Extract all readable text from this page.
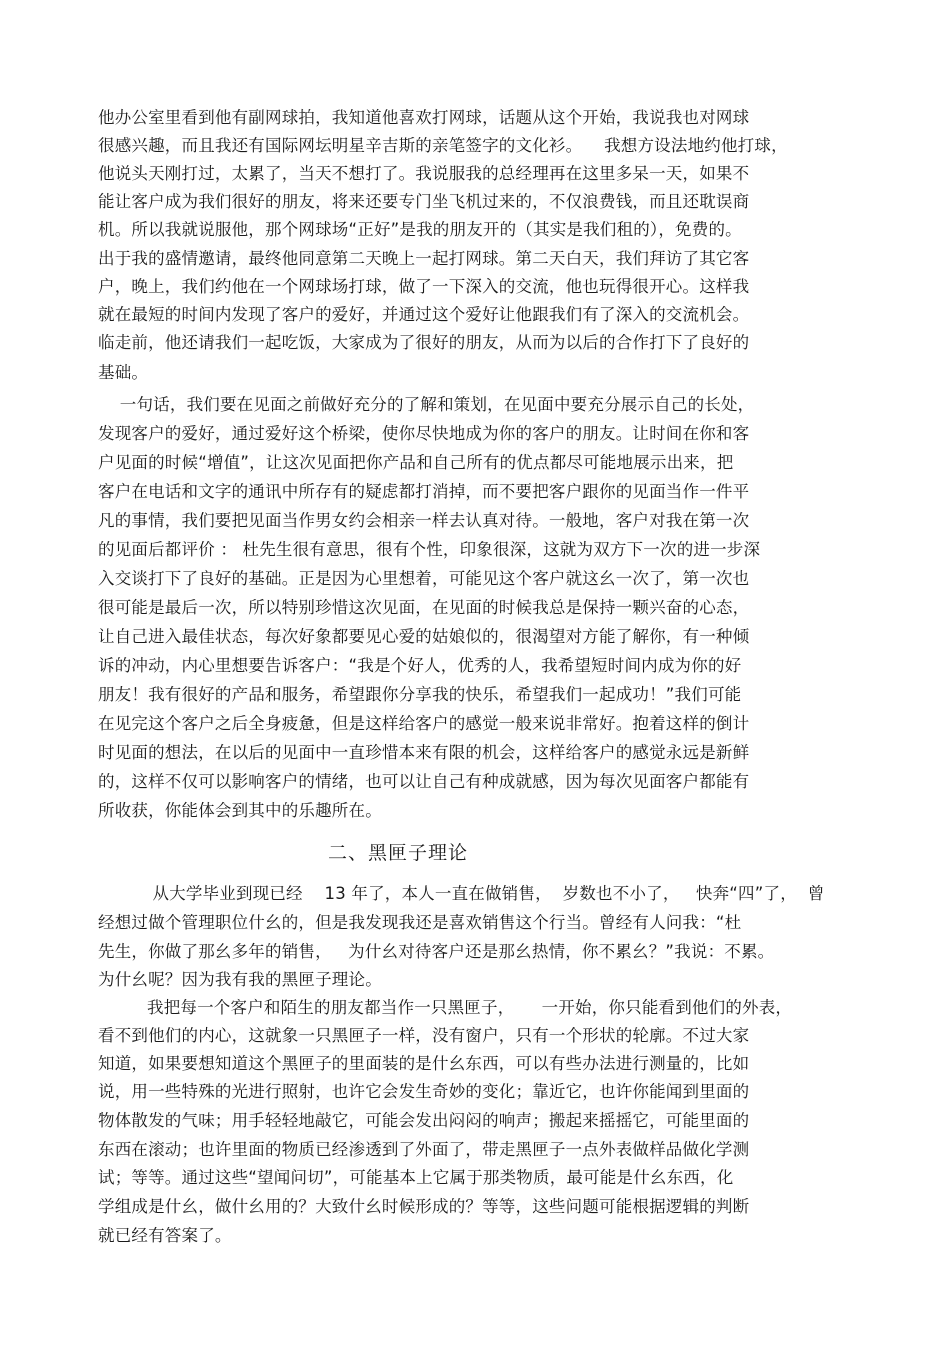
他办公室里看到他有副网球拍，我知道他喜欢打网球，话题从这个开始，我说我也对网球
很感兴趣，而且我还有国际网坛明星辛吉斯的亲笔签字的文化衫。    我想方设法地约他打球，
他说头天刚打过，太累了，当天不想打了。我说服我的总经理再在这里多呆一天，如果不
能让客户成为我们很好的朋友，将来还要专门坐飞机过来的，不仅浪费钱，而且还耽误商
机。所以我就说服他，那个网球场“正好”是我的朋友开的（其实是我们租的），免费的。
出于我的盛情邀请，最终他同意第二天晚上一起打网球。第二天白天，我们拜访了其它客
户，晚上，我们约他在一个网球场打球，做了一下深入的交流，他也玩得很开心。这样我
就在最短的时间内发现了客户的爱好，并通过这个爱好让他跟我们有了深入的交流机会。
临走前，他还请我们一起吃饭，大家成为了很好的朋友，从而为以后的合作打下了良好的
基础。
一句话，我们要在见面之前做好充分的了解和策划，在见面中要充分展示自己的长处，
发现客户的爱好，通过爱好这个桥梁，使你尽快地成为你的客户的朋友。让时间在你和客
户见面的时候“增值”，让这次见面把你产品和自己所有的优点都尽可能地展示出来，把
客户在电话和文字的通讯中所存有的疑虑都打消掉，而不要把客户跟你的见面当作一件平
凡的事情，我们要把见面当作男女约会相亲一样去认真对待。一般地，客户对我在第一次
的见面后都评价 ： 杜先生很有意思，很有个性，印象很深，这就为双方下一次的进一步深
入交谈打下了良好的基础。正是因为心里想着，可能见这个客户就这幺一次了，第一次也
很可能是最后一次，所以特别珍惜这次见面，在见面的时候我总是保持一颗兴奋的心态，
让自己进入最佳状态，每次好象都要见心爱的姑娘似的，很渴望对方能了解你，有一种倾
诉的冲动，内心里想要告诉客户：“我是个好人，优秀的人，我希望短时间内成为你的好
朋友！我有很好的产品和服务，希望跟你分享我的快乐，希望我们一起成功！”我们可能
在见完这个客户之后全身疲惫，但是这样给客户的感觉一般来说非常好。抱着这样的倒计
时见面的想法，在以后的见面中一直珍惜本来有限的机会，这样给客户的感觉永远是新鲜
的，这样不仅可以影响客户的情绪，也可以让自己有种成就感，因为每次见面客户都能有
所收获，你能体会到其中的乐趣所在。
二、黑匣子理论
从大学毕业到现已经    13 年了，本人一直在做销售，  岁数也不小了，   快奔“四”了，  曾
经想过做个管理职位什幺的，但是我发现我还是喜欢销售这个行当。曾经有人问我：“杜
先生，你做了那幺多年的销售，   为什幺对待客户还是那幺热情，你不累幺？”我说：不累。
为什幺呢？因为我有我的黑匣子理论。
我把每一个客户和陌生的朋友都当作一只黑匣子，     一开始，你只能看到他们的外表，
看不到他们的内心，这就象一只黑匣子一样，没有窗户，只有一个形状的轮廓。不过大家
知道，如果要想知道这个黑匣子的里面装的是什幺东西，可以有些办法进行测量的，比如
说，用一些特殊的光进行照射，也许它会发生奇妙的变化；靠近它，也许你能闻到里面的
物体散发的气味；用手轻轻地敲它，可能会发出闷闷的响声；搬起来摇摇它，可能里面的
东西在滚动；也许里面的物质已经渗透到了外面了，带走黑匣子一点外表做样品做化学测
试；等等。通过这些“望闻问切”，可能基本上它属于那类物质，最可能是什幺东西，化
学组成是什幺，做什幺用的？大致什幺时候形成的？等等，这些问题可能根据逻辑的判断
就已经有答案了。
